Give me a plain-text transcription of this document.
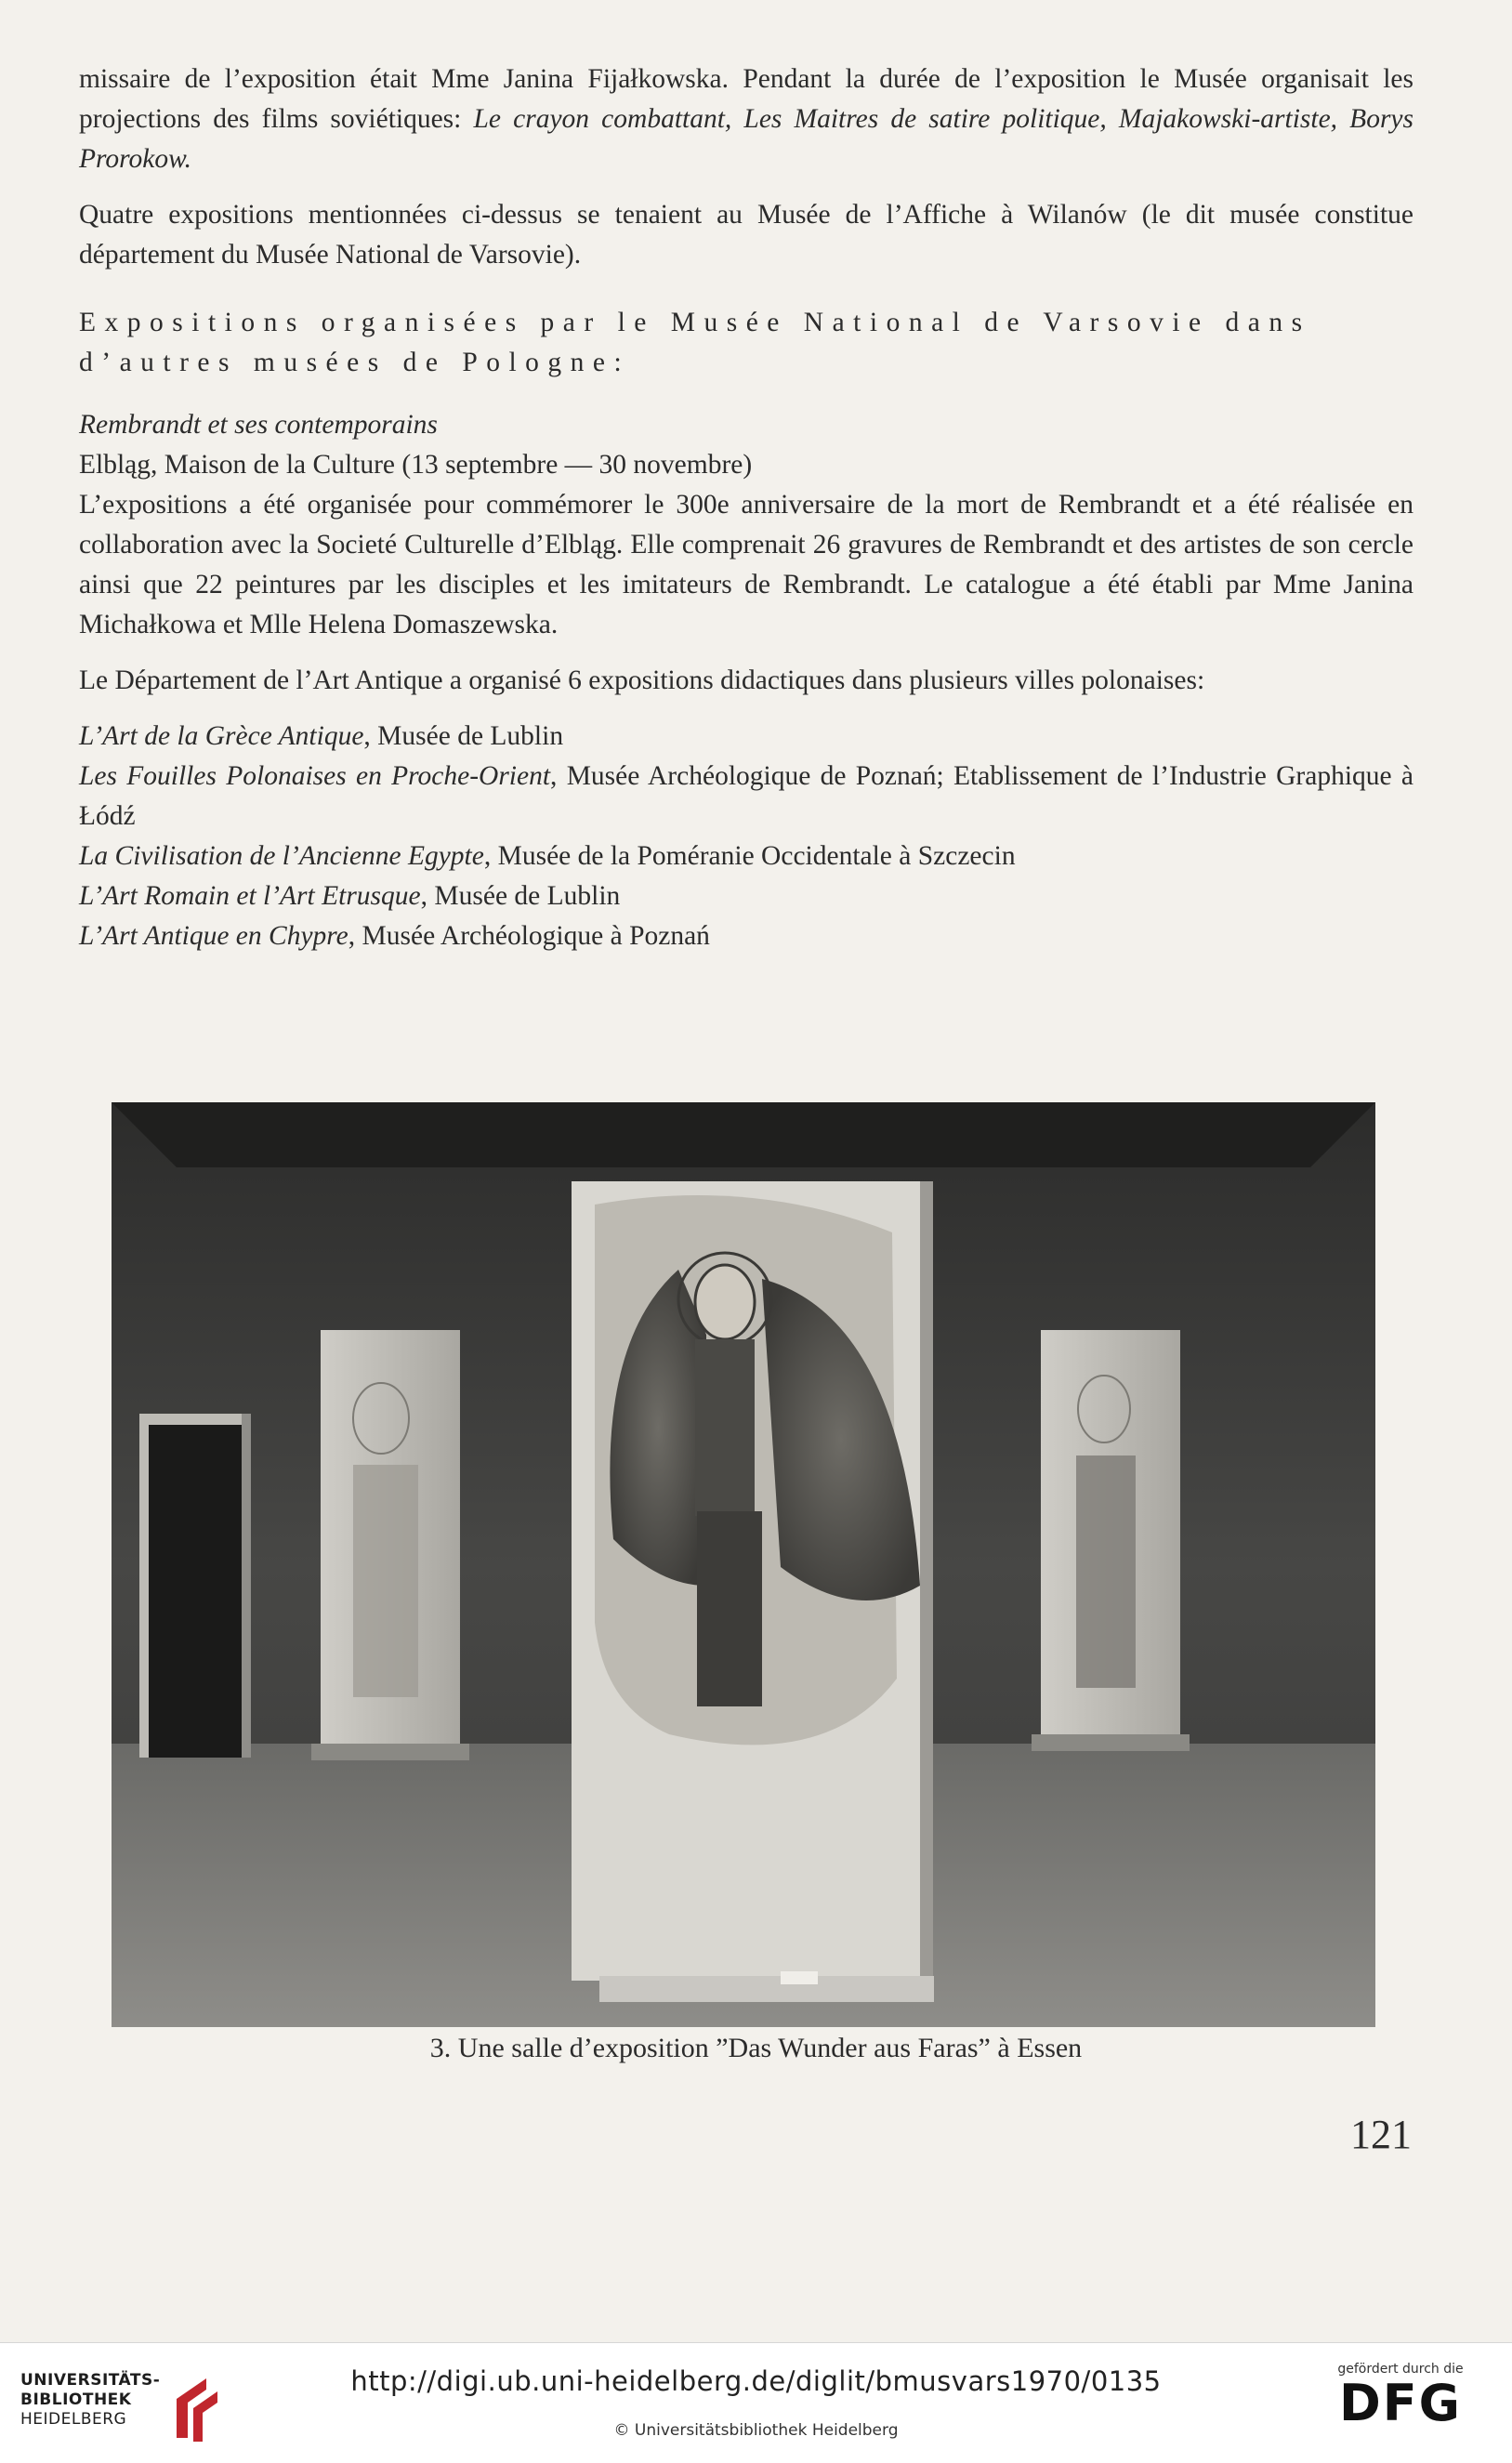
missaire de l’exposition était Mme Janina Fijałkowska. Pendant la durée de l’exposition le Musée organisait les projections des films soviétiques: Le crayon combattant, Les Maitres de satire politique, Majakowski-artiste, Borys Prorokow.

Quatre expositions mentionnées ci-dessus se tenaient au Musée de l’Affiche à Wilanów (le dit musée constitue département du Musée National de Varsovie).

Expositions organisées par le Musée National de Varsovie dans d’autres musées de Pologne:

Rembrandt et ses contemporains

Elbląg, Maison de la Culture (13 septembre — 30 novembre)

L’expositions a été organisée pour commémorer le 300e anniversaire de la mort de Rembrandt et a été réalisée en collaboration avec la Societé Culturelle d’Elbląg. Elle comprenait 26 gravures de Rembrandt et des artistes de son cercle ainsi que 22 peintures par les disciples et les imitateurs de Rembrandt. Le catalogue a été établi par Mme Janina Michałkowa et Mlle Helena Domaszewska.

Le Département de l’Art Antique a organisé 6 expositions didactiques dans plusieurs villes polonaises:

L’Art de la Grèce Antique, Musée de Lublin

Les Fouilles Polonaises en Proche-Orient, Musée Archéologique de Poznań; Etablissement de l’Industrie Graphique à Łódź

La Civilisation de l’Ancienne Egypte, Musée de la Poméranie Occidentale à Szczecin

L’Art Romain et l’Art Etrusque, Musée de Lublin

L’Art Antique en Chypre, Musée Archéologique à Poznań

3. Une salle d’exposition ”Das Wunder aus Faras” à Essen
121
UNIVERSITÄTS-
BIBLIOTHEK
HEIDELBERG
http://digi.ub.uni-heidelberg.de/diglit/bmusvars1970/0135
© Universitätsbibliothek Heidelberg
gefördert durch die
DFG
